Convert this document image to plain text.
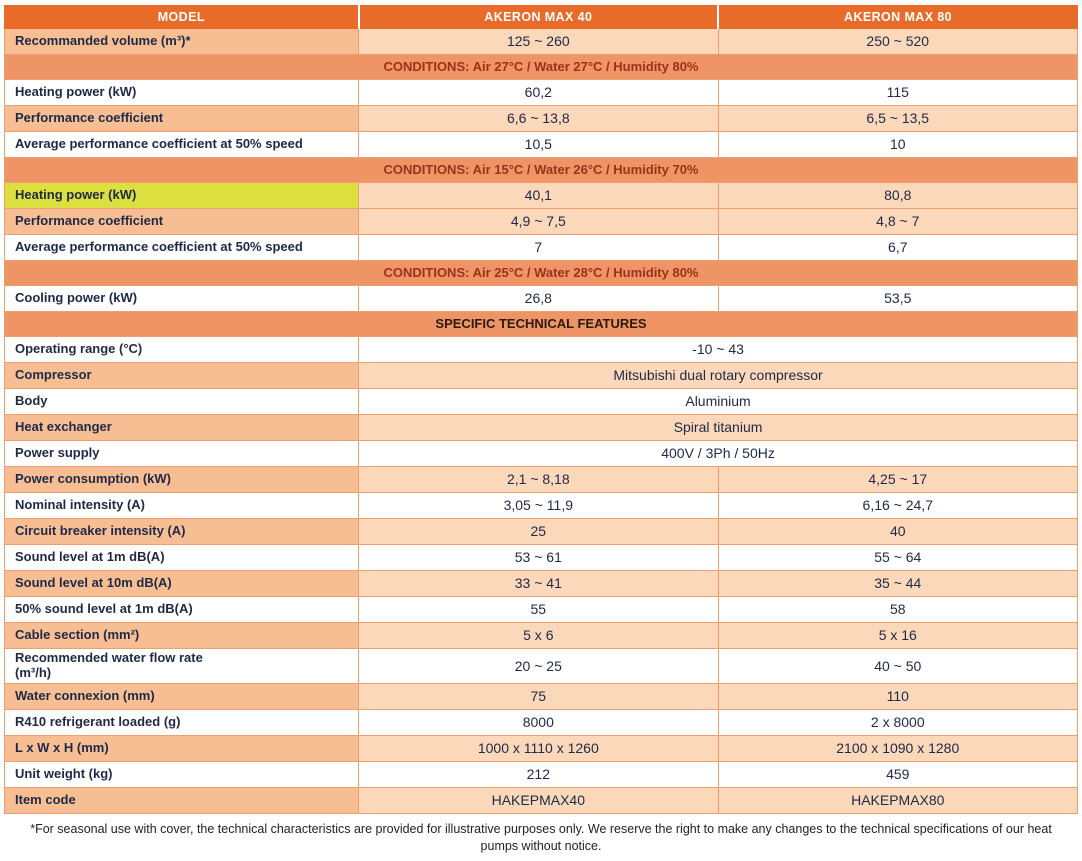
MODEL	AKERON MAX 40	AKERON MAX 80
Recommanded volume (m³)*	125 ~ 260	250 ~ 520
CONDITIONS: Air 27°C / Water 27°C / Humidity 80%		
Heating power (kW)	60,2	115
Performance coefficient	6,6 ~ 13,8	6,5 ~ 13,5
Average performance coefficient at 50% speed	10,5	10
CONDITIONS: Air 15°C / Water 26°C / Humidity 70%		
Heating power (kW)	40,1	80,8
Performance coefficient	4,9 ~ 7,5	4,8 ~ 7
Average performance coefficient at 50% speed	7	6,7
CONDITIONS: Air 25°C / Water 28°C / Humidity 80%		
Cooling power (kW)	26,8	53,5
SPECIFIC TECHNICAL FEATURES		
Operating range (°C)	-10 ~ 43	
Compressor	Mitsubishi dual rotary compressor	
Body	Aluminium	
Heat exchanger	Spiral titanium	
Power supply	400V / 3Ph / 50Hz	
Power consumption (kW)	2,1 ~ 8,18	4,25 ~ 17
Nominal intensity (A)	3,05 ~ 11,9	6,16 ~ 24,7
Circuit breaker intensity (A)	25	40
Sound level at 1m dB(A)	53 ~ 61	55 ~ 64
Sound level at 10m dB(A)	33 ~ 41	35 ~ 44
50% sound level at 1m dB(A)	55	58
Cable section (mm²)	5 x 6	5 x 16
Recommended water flow rate (m³/h)	20 ~ 25	40 ~ 50
Water connexion (mm)	75	110
R410 refrigerant loaded (g)	8000	2 x 8000
L x W x H (mm)	1000 x 1110 x 1260	2100 x 1090 x 1280
Unit weight (kg)	212	459
Item code	HAKEPMAX40	HAKEPMAX80
*For seasonal use with cover, the technical characteristics are provided for illustrative purposes only. We reserve the right to make any changes to the technical specifications of our heat pumps without notice.
